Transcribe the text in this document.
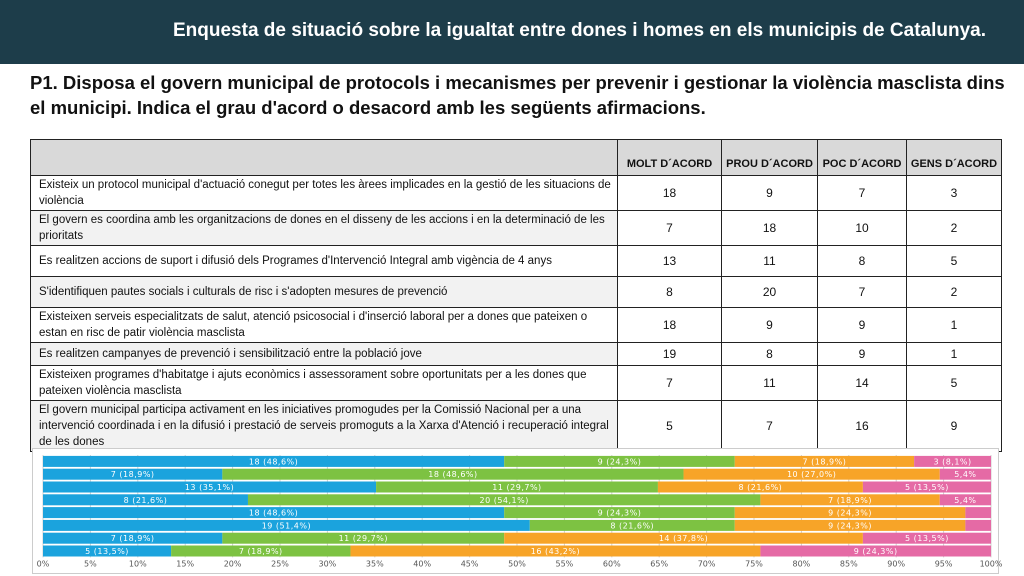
Enquesta de situació sobre la igualtat entre dones i homes en els municipis de Catalunya.
P1. Disposa el govern municipal de protocols i mecanismes per prevenir i gestionar la violència masclista dins el municipi. Indica el grau d'acord o desacord amb les següents afirmacions.
	MOLT D´ACORD	PROU D´ACORD	POC D´ACORD	GENS D´ACORD
Existeix un protocol municipal d'actuació conegut per totes les àrees implicades en la gestió de les situacions de violència	18	9	7	3
El govern es coordina amb les organitzacions de dones en el disseny de les accions i en la determinació de les prioritats	7	18	10	2
Es realitzen accions de suport i difusió dels Programes d'Intervenció Integral amb vigència de 4 anys	13	11	8	5
S'identifiquen pautes socials i culturals de risc i s'adopten mesures de prevenció	8	20	7	2
Existeixen serveis especialitzats de salut, atenció psicosocial i d'inserció laboral per a dones que pateixen o estan en risc de patir violència masclista	18	9	9	1
Es realitzen campanyes de prevenció i sensibilització entre la població jove	19	8	9	1
Existeixen programes d'habitatge i ajuts econòmics i assessorament sobre oportunitats per a les dones que pateixen violència masclista	7	11	14	5
El govern municipal participa activament en les iniciatives promogudes per la Comissió Nacional per a una intervenció coordinada i en la difusió i prestació de serveis promoguts a la Xarxa d'Atenció i recuperació integral de les dones	5	7	16	9
18 (48,6%)	9 (24,3%)	7 (18,9%)	3 (8,1%)
7 (18,9%)	18 (48,6%)	10 (27,0%)	5,4%
13 (35,1%)	11 (29,7%)	8 (21,6%)	5 (13,5%)
8 (21,6%)	20 (54,1%)	7 (18,9%)	5,4%
18 (48,6%)	9 (24,3%)	9 (24,3%)
19 (51,4%)	8 (21,6%)	9 (24,3%)
7 (18,9%)	11 (29,7%)	14 (37,8%)	5 (13,5%)
5 (13,5%)	7 (18,9%)	16 (43,2%)	9 (24,3%)
0%	5%	10%	15%	20%	25%	30%	35%	40%	45%	50%	55%	60%	65%	70%	75%	80%	85%	90%	95%	100%
